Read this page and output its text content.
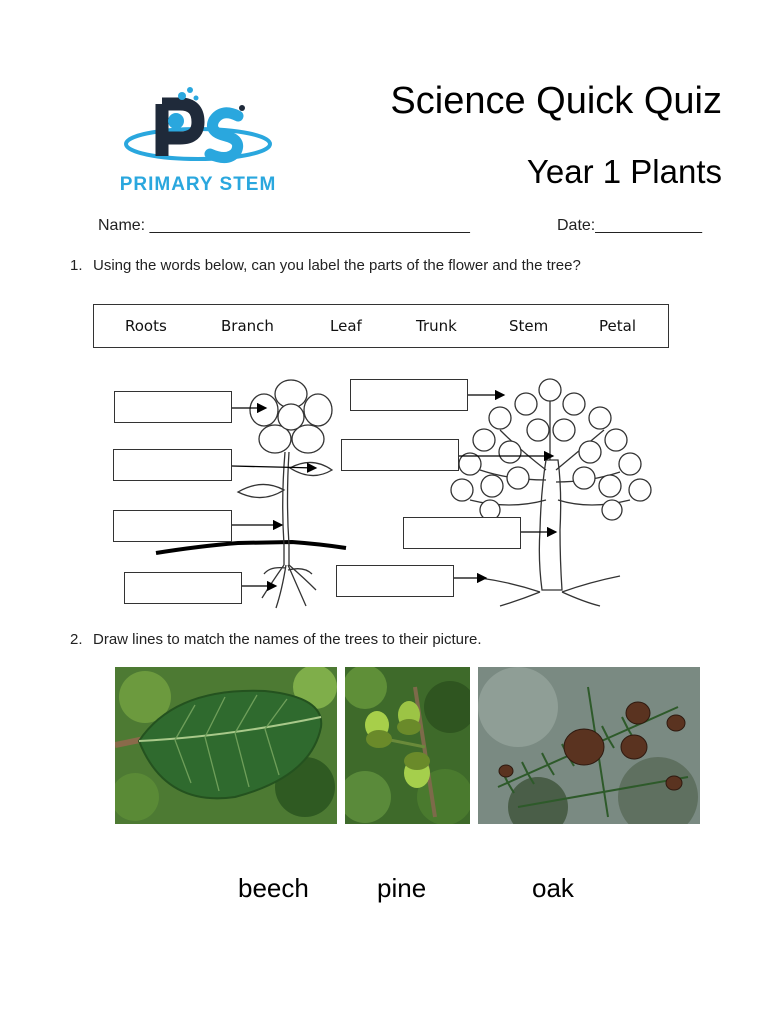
PRIMARY STEM
Science Quick Quiz
Year 1 Plants
Name: ____________________________________	Date:____________
1. Using the words below, can you label the parts of the flower and the tree?
Roots	Branch	Leaf	Trunk	Stem	Petal
2. Draw lines to match the names of the trees to their picture.
beech	pine	oak
